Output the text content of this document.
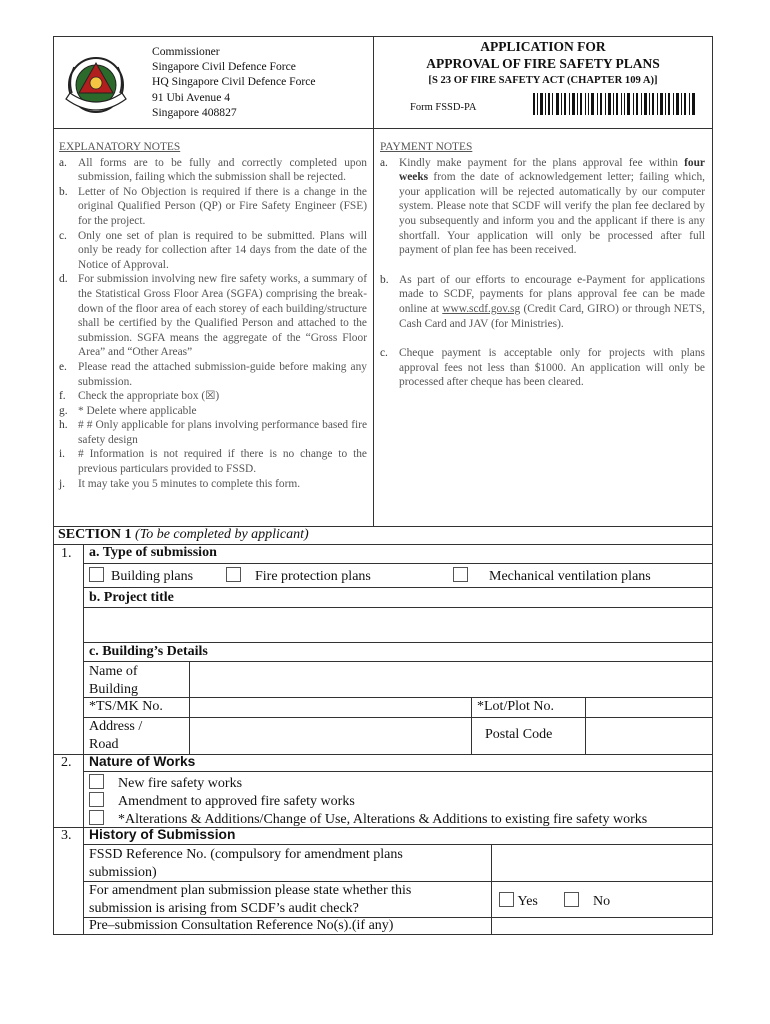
Commissioner
Singapore Civil Defence Force
HQ Singapore Civil Defence Force
91 Ubi Avenue 4
Singapore 408827
APPLICATION FOR
APPROVAL OF FIRE SAFETY PLANS
[S 23 OF FIRE SAFETY ACT (CHAPTER 109 A)]
Form FSSD-PA
EXPLANATORY NOTES
a. All forms are to be fully and correctly completed upon submission, failing which the submission shall be rejected.
b. Letter of No Objection is required if there is a change in the original Qualified Person (QP) or Fire Safety Engineer (FSE) for the project.
c. Only one set of plan is required to be submitted. Plans will only be ready for collection after 14 days from the date of the Notice of Approval.
d. For submission involving new fire safety works, a summary of the Statistical Gross Floor Area (SGFA) comprising the break-down of the floor area of each storey of each building/structure shall be certified by the Qualified Person and attached to the submission. SGFA means the aggregate of the “Gross Floor Area” and “Other Areas”
e. Please read the attached submission-guide before making any submission.
f. Check the appropriate box (☒)
g. * Delete where applicable
h. # # Only applicable for plans involving performance based fire safety design
i. # Information is not required if there is no change to the previous particulars provided to FSSD.
j. It may take you 5 minutes to complete this form.
PAYMENT NOTES
a. Kindly make payment for the plans approval fee within four weeks from the date of acknowledgement letter; failing which, your application will be rejected automatically by our computer system. Please note that SCDF will verify the plan fee declared by you subsequently and inform you and the applicant if there is any shortfall. Your application will only be processed after full payment of plan fee has been received.
b. As part of our efforts to encourage e-Payment for applications made to SCDF, payments for plans approval fee can be made online at www.scdf.gov.sg (Credit Card, GIRO) or through NETS, Cash Card and JAV (for Ministries).
c. Cheque payment is acceptable only for projects with plans approval fees not less than $1000. An application will only be processed after cheque has been cleared.
SECTION 1 (To be completed by applicant)
1. a. Type of submission
Building plans	Fire protection plans	Mechanical ventilation plans
b. Project title
c. Building’s Details
Name of
Building
*TS/MK No.	*Lot/Plot No.
Address /
Road
Postal Code
2. Nature of Works
New fire safety works
Amendment to approved fire safety works
*Alterations & Additions/Change of Use, Alterations & Additions to existing fire safety works
3. History of Submission
FSSD Reference No. (compulsory for amendment plans
submission)
For amendment plan submission please state whether this
submission is arising from SCDF’s audit check?	Yes	No
Pre–submission Consultation Reference No(s).(if any)
